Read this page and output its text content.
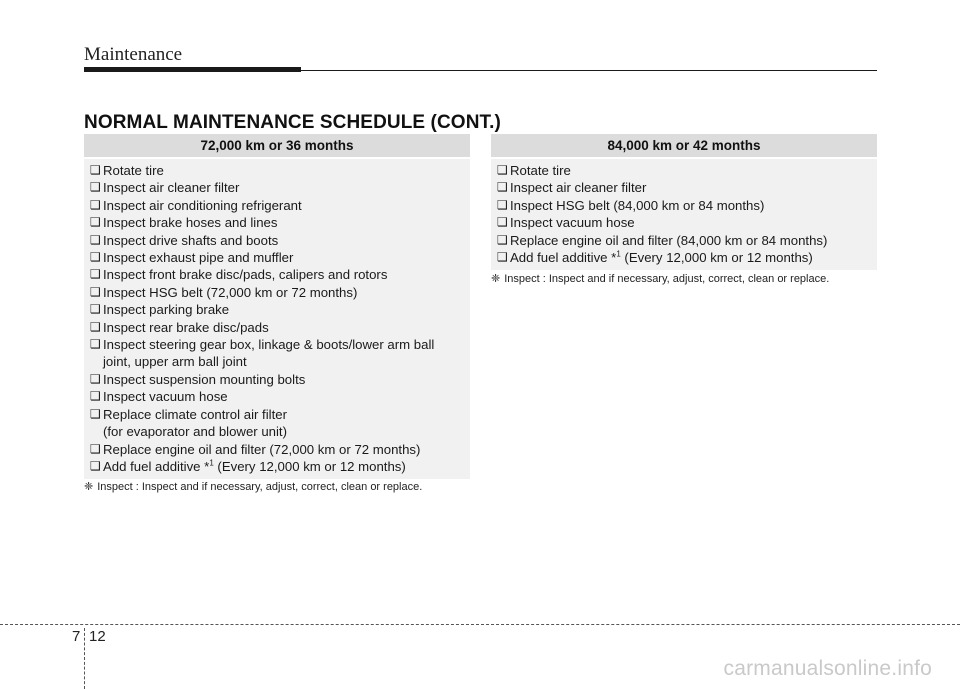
Maintenance
NORMAL MAINTENANCE SCHEDULE (CONT.)
72,000 km or 36 months
❑ Rotate tire
❑ Inspect air cleaner filter
❑ Inspect air conditioning refrigerant
❑ Inspect brake hoses and lines
❑ Inspect drive shafts and boots
❑ Inspect exhaust pipe and muffler
❑ Inspect front brake disc/pads, calipers and rotors
❑ Inspect HSG belt (72,000 km or 72 months)
❑ Inspect parking brake
❑ Inspect rear brake disc/pads
❑ Inspect steering gear box, linkage & boots/lower arm ball
joint, upper arm ball joint
❑ Inspect suspension mounting bolts
❑ Inspect vacuum hose
❑ Replace climate control air filter
(for evaporator and blower unit)
❑ Replace engine oil and filter (72,000 km or 72 months)
❑ Add fuel additive *$^1$ (Every 12,000 km or 12 months)
❈ Inspect : Inspect and if necessary, adjust, correct, clean or replace.
84,000 km or 42 months
❑ Rotate tire
❑ Inspect air cleaner filter
❑ Inspect HSG belt (84,000 km or 84 months)
❑ Inspect vacuum hose
❑ Replace engine oil and filter (84,000 km or 84 months)
❑ Add fuel additive *$^1$ (Every 12,000 km or 12 months)
❈ Inspect : Inspect and if necessary, adjust, correct, clean or replace.
7 12
carmanualsonline.info
